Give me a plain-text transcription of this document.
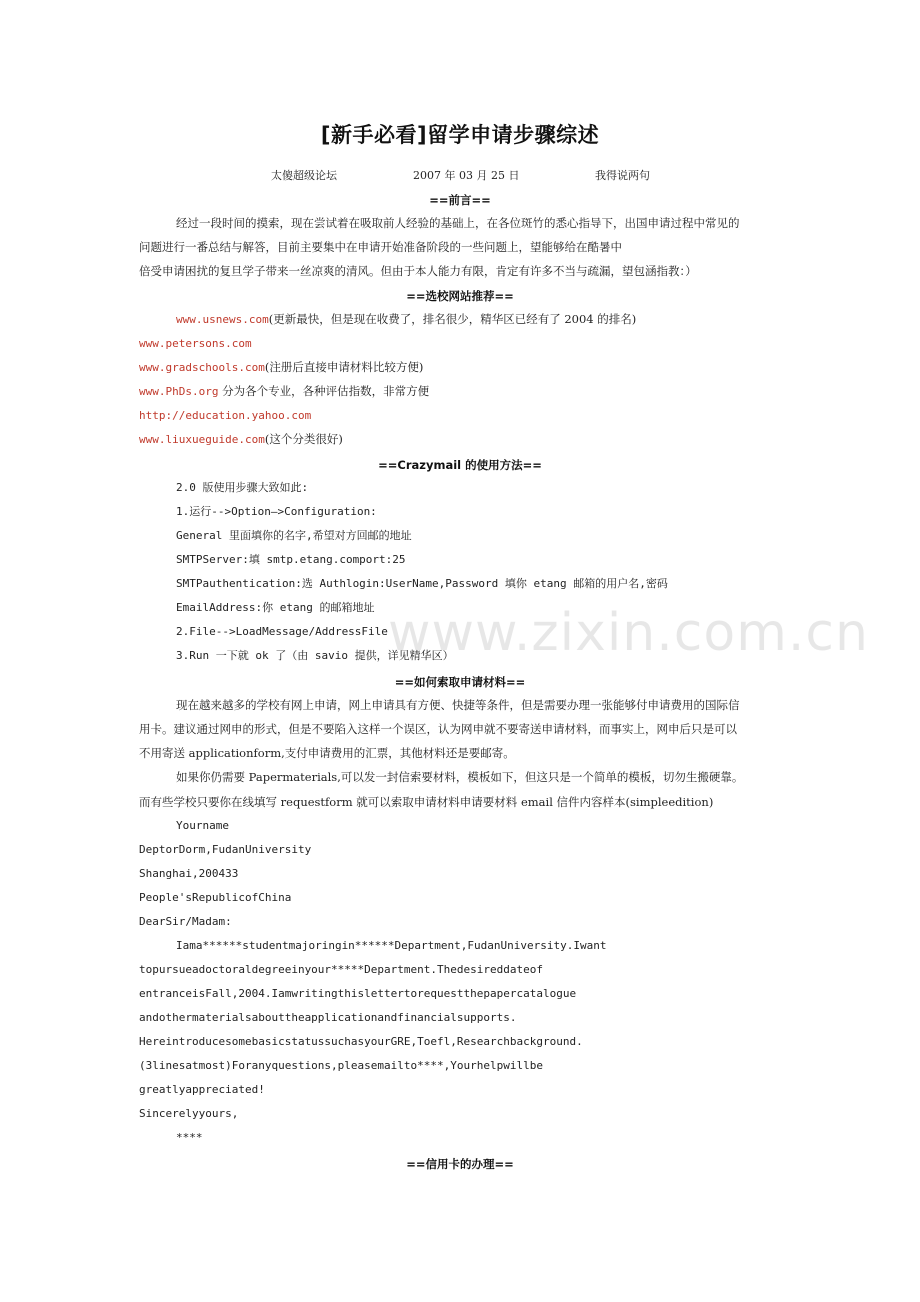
[新手必看]留学申请步骤综述
太傻超级论坛	2007 年 03 月 25 日	我得说两句
==前言==
经过一段时间的摸索，现在尝试着在吸取前人经验的基础上，在各位斑竹的悉心指导下，出国申请过程中常见的
问题进行一番总结与解答，目前主要集中在申请开始准备阶段的一些问题上，望能够给在酷暑中
倍受申请困扰的复旦学子带来一丝凉爽的清风。但由于本人能力有限，肯定有许多不当与疏漏，望包涵指教：）
==选校网站推荐==
www.usnews.com(更新最快，但是现在收费了，排名很少，精华区已经有了 2004 的排名)
www.petersons.com
www.gradschools.com(注册后直接申请材料比较方便)
www.PhDs.org 分为各个专业，各种评估指数，非常方便
http://education.yahoo.com
www.liuxueguide.com(这个分类很好)
==Crazymail 的使用方法==
2.0 版使用步骤大致如此:
1.运行-->Option—>Configuration:
General 里面填你的名字,希望对方回邮的地址
SMTPServer:填 smtp.etang.comport:25
SMTPauthentication:选 Authlogin:UserName,Password 填你 etang 邮箱的用户名,密码
EmailAddress:你 etang 的邮箱地址
2.File-->LoadMessage/AddressFile
3.Run 一下就 ok 了（由 savio 提供，详见精华区）
==如何索取申请材料==
现在越来越多的学校有网上申请，网上申请具有方便、快捷等条件，但是需要办理一张能够付申请费用的国际信
用卡。建议通过网申的形式，但是不要陷入这样一个误区，认为网申就不要寄送申请材料，而事实上，网申后只是可以
不用寄送 applicationform,支付申请费用的汇票，其他材料还是要邮寄。
如果你仍需要 Papermaterials,可以发一封信索要材料，模板如下，但这只是一个简单的模板，切勿生搬硬靠。
而有些学校只要你在线填写 requestform 就可以索取申请材料申请要材料 email 信件内容样本(simpleedition)
Yourname
DeptorDorm,FudanUniversity
Shanghai,200433
People'sRepublicofChina
DearSir/Madam:
Iama******studentmajoringin******Department,FudanUniversity.Iwant
topursueadoctoraldegreeinyour*****Department.Thedesireddateof
entranceisFall,2004.Iamwritingthislettertorequestthepapercatalogue
andothermaterialsabouttheapplicationandfinancialsupports.
HereintroducesomebasicstatussuchasyourGRE,Toefl,Researchbackground.
(3linesatmost)Foranyquestions,pleasemailto****,Yourhelpwillbe
greatlyappreciated!
Sincerelyyours,
****
==信用卡的办理==
www.zixin.com.cn
